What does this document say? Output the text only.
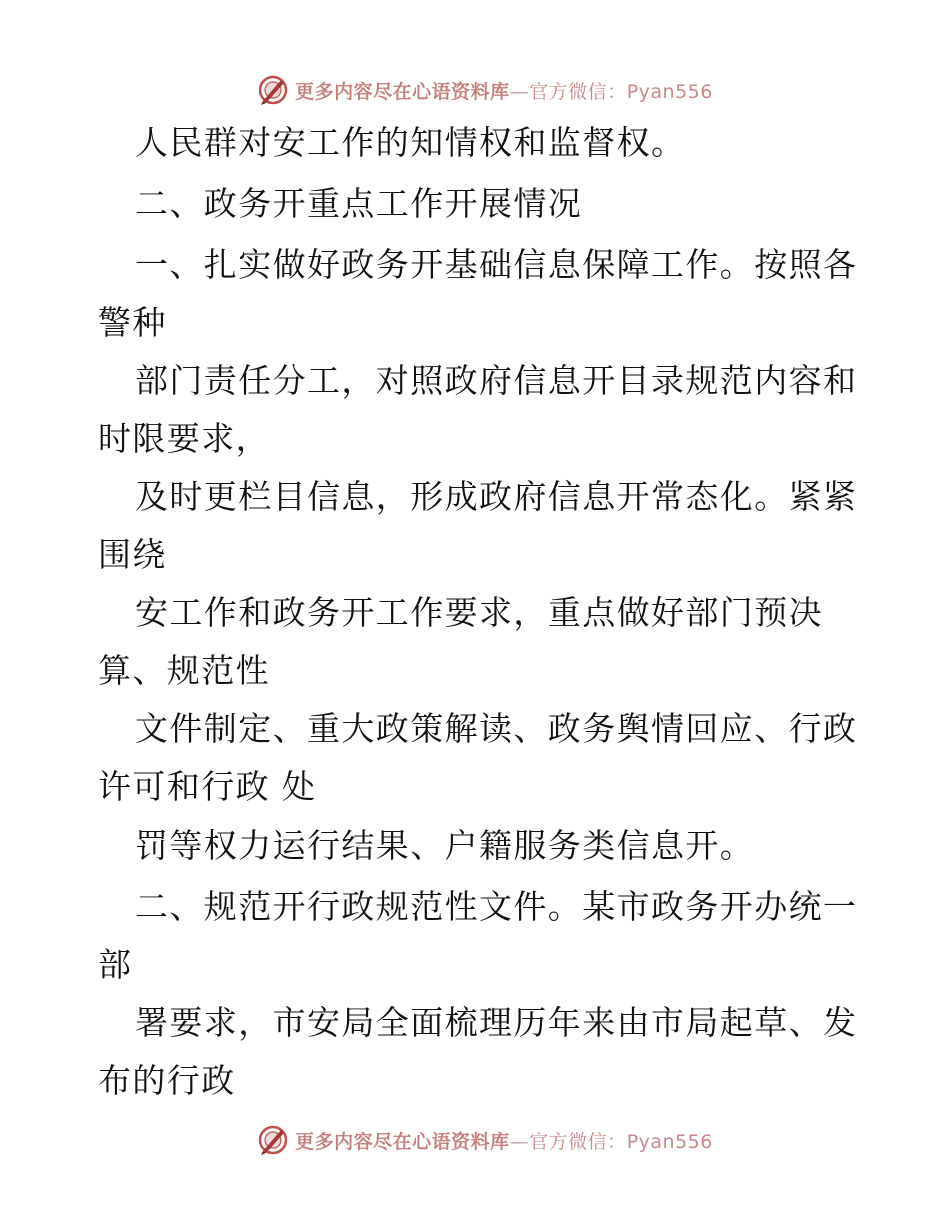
更多内容尽在心语资料库—官方微信：Pyan556
人民群对安工作的知情权和监督权。
二、政务开重点工作开展情况
一、扎实做好政务开基础信息保障工作。按照各
警种
部门责任分工，对照政府信息开目录规范内容和
时限要求，
及时更栏目信息，形成政府信息开常态化。紧紧
围绕
安工作和政务开工作要求，重点做好部门预决
算、规范性
文件制定、重大政策解读、政务舆情回应、行政
许可和行政 处
罚等权力运行结果、户籍服务类信息开。
二、规范开行政规范性文件。某市政务开办统一
部
署要求，市安局全面梳理历年来由市局起草、发
布的行政
更多内容尽在心语资料库—官方微信：Pyan556
